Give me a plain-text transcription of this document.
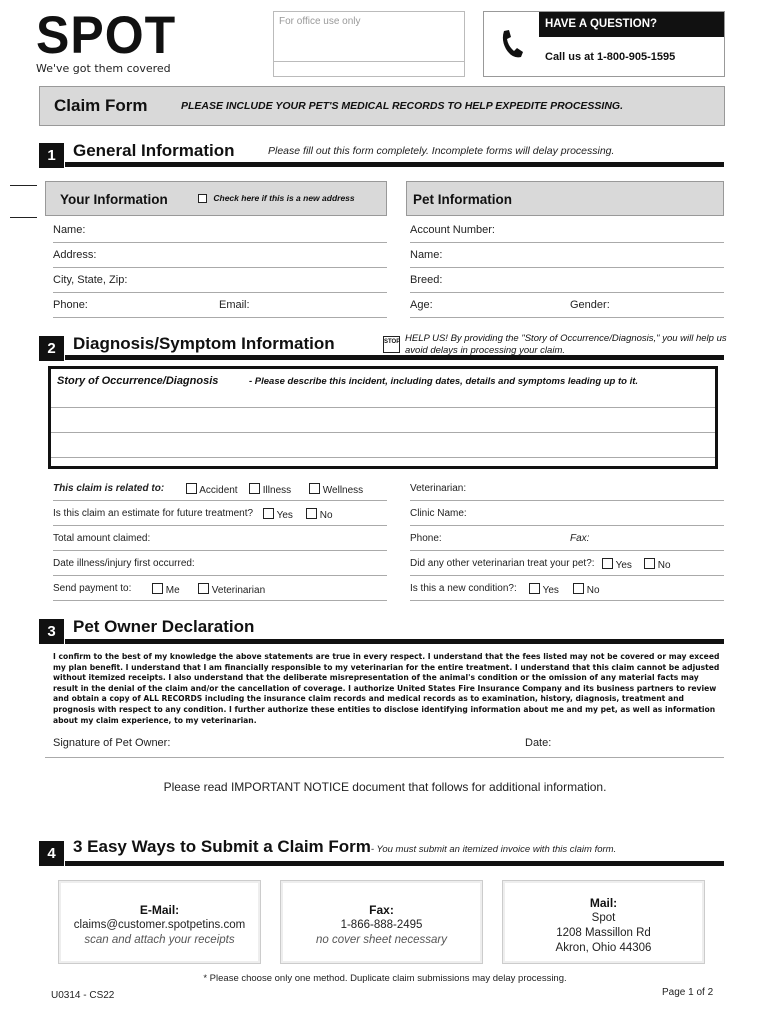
SPOT
We've got them covered
For office use only	HAVE A QUESTION?
Call us at 1-800-905-1595
Claim Form	PLEASE INCLUDE YOUR PET'S MEDICAL RECORDS TO HELP EXPEDITE PROCESSING.
1	General Information	Please fill out this form completely. Incomplete forms will delay processing.
Your Information	Check here if this is a new address	Pet Information
Name:
Address:
City, State, Zip:
Phone:	Email:
Account Number:
Name:
Breed:
Age:	Gender:
2	Diagnosis/Symptom Information	STOP HELP US! By providing the "Story of Occurrence/Diagnosis," you will help us avoid delays in processing your claim.
Story of Occurrence/Diagnosis	- Please describe this incident, including dates, details and symptoms leading up to it.
This claim is related to:	Accident	Illness	Wellness
Is this claim an estimate for future treatment?	Yes	No
Total amount claimed:
Date illness/injury first occurred:
Send payment to:	Me	Veterinarian
Veterinarian:
Clinic Name:
Phone:	Fax:
Did any other veterinarian treat your pet?:	Yes	No
Is this a new condition?:	Yes	No
3	Pet Owner Declaration
I confirm to the best of my knowledge the above statements are true in every respect. I understand that the fees listed may not be covered or may exceed my plan benefit. I understand that I am financially responsible to my veterinarian for the entire treatment. I understand that this claim cannot be adjusted without itemized receipts. I also understand that the deliberate misrepresentation of the animal's condition or the omission of any material facts may result in the denial of the claim and/or the cancellation of coverage. I authorize United States Fire Insurance Company and its business partners to review and obtain a copy of ALL RECORDS including the insurance claim records and medical records as to examination, history, diagnosis, treatment and prognosis with respect to any condition. I further authorize these entities to disclose identifying information about me and my pet, as well as information about my claim experience, to my veterinarian.
Signature of Pet Owner:	Date:
Please read IMPORTANT NOTICE document that follows for additional information.
4	3 Easy Ways to Submit a Claim Form- You must submit an itemized invoice with this claim form.
E-Mail:
claims@customer.spotpetins.com
scan and attach your receipts
Fax:
1-866-888-2495
no cover sheet necessary
Mail:
Spot
1208 Massillon Rd
Akron, Ohio 44306
* Please choose only one method. Duplicate claim submissions may delay processing.
U0314 - CS22	Page 1 of 2
